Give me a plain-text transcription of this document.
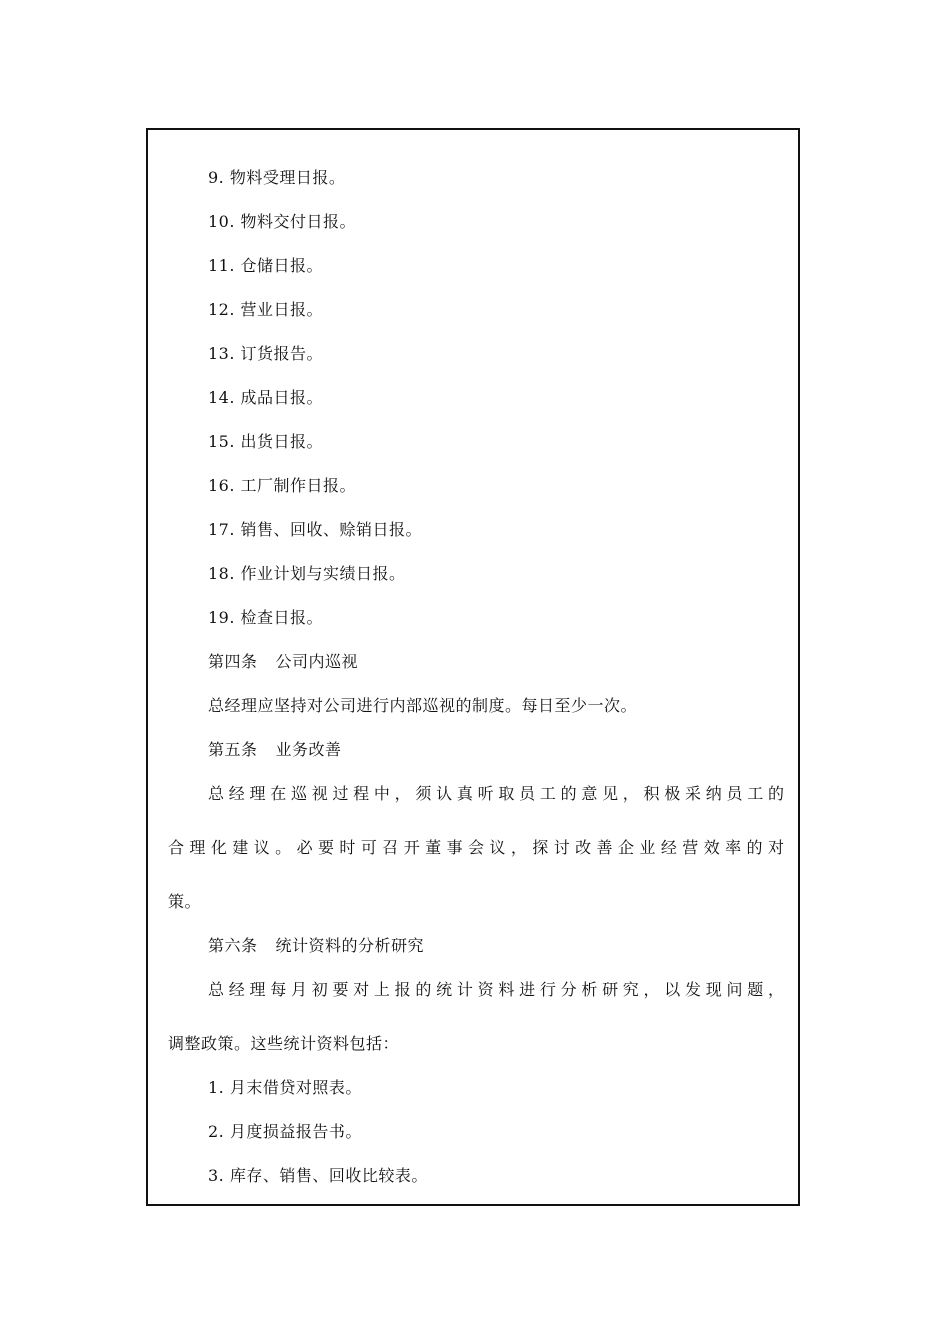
9. 物料受理日报。
10. 物料交付日报。
11. 仓储日报。
12. 营业日报。
13. 订货报告。
14. 成品日报。
15. 出货日报。
16. 工厂制作日报。
17. 销售、回收、赊销日报。
18. 作业计划与实绩日报。
19. 检查日报。
第四条 公司内巡视
总经理应坚持对公司进行内部巡视的制度。每日至少一次。
第五条 业务改善
总经理在巡视过程中，须认真听取员工的意见，积极采纳员工的
合理化建议。必要时可召开董事会议，探讨改善企业经营效率的对
策。
第六条 统计资料的分析研究
总经理每月初要对上报的统计资料进行分析研究，以发现问题，
调整政策。这些统计资料包括：
1. 月末借贷对照表。
2. 月度损益报告书。
3. 库存、销售、回收比较表。
